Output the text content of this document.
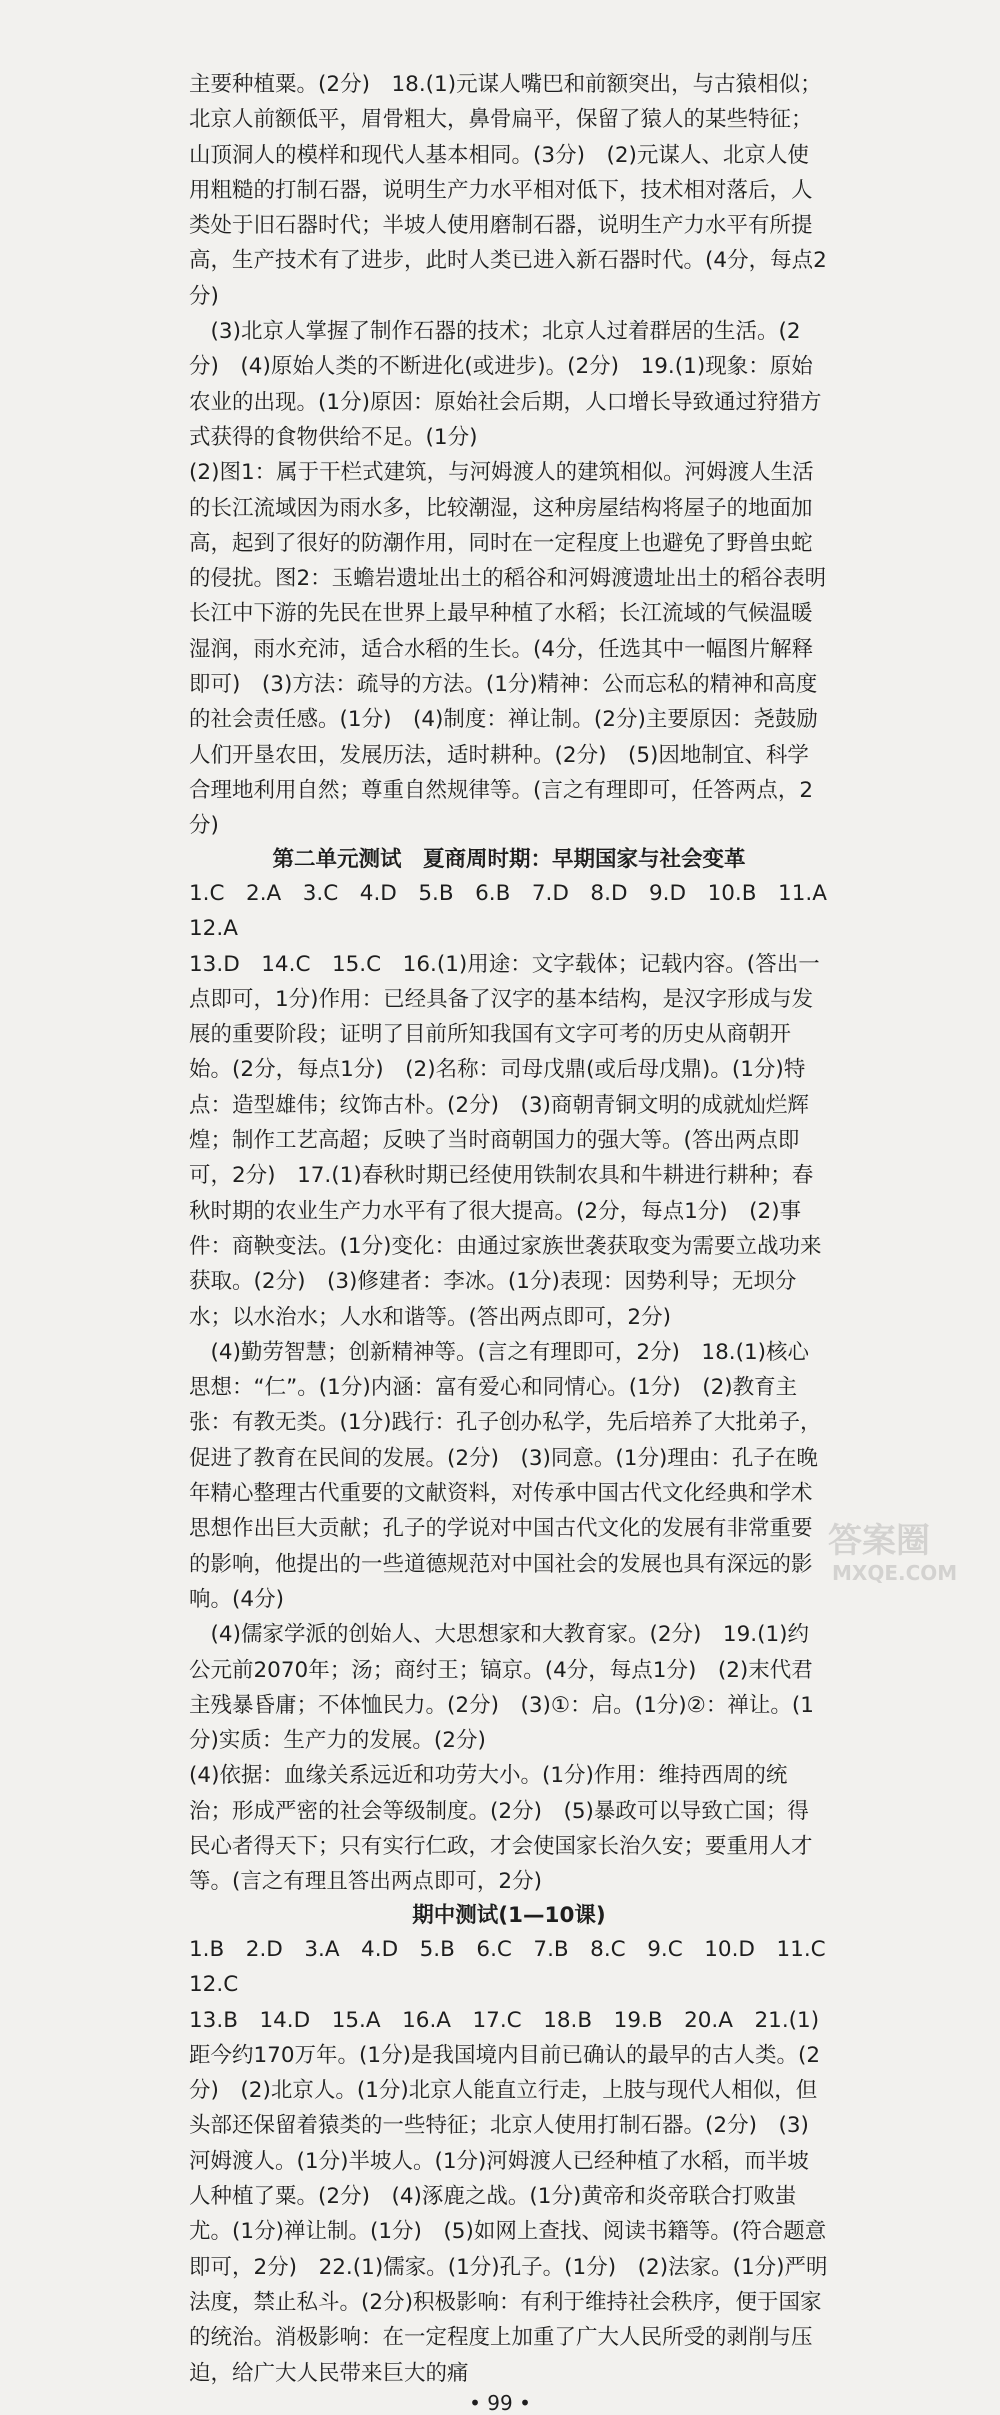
主要种植粟。(2分)　18.(1)元谋人嘴巴和前额突出，与古猿相似；北京人前额低平，眉骨粗大，鼻骨扁平，保留了猿人的某些特征；山顶洞人的模样和现代人基本相同。(3分)　(2)元谋人、北京人使用粗糙的打制石器，说明生产力水平相对低下，技术相对落后，人类处于旧石器时代；半坡人使用磨制石器，说明生产力水平有所提高，生产技术有了进步，此时人类已进入新石器时代。(4分，每点2分)
　(3)北京人掌握了制作石器的技术；北京人过着群居的生活。(2分)　(4)原始人类的不断进化(或进步)。(2分)　19.(1)现象：原始农业的出现。(1分)原因：原始社会后期，人口增长导致通过狩猎方式获得的食物供给不足。(1分)
(2)图1：属于干栏式建筑，与河姆渡人的建筑相似。河姆渡人生活的长江流域因为雨水多，比较潮湿，这种房屋结构将屋子的地面加高，起到了很好的防潮作用，同时在一定程度上也避免了野兽虫蛇的侵扰。图2：玉蟾岩遗址出土的稻谷和河姆渡遗址出土的稻谷表明长江中下游的先民在世界上最早种植了水稻；长江流域的气候温暖湿润，雨水充沛，适合水稻的生长。(4分，任选其中一幅图片解释即可)　(3)方法：疏导的方法。(1分)精神：公而忘私的精神和高度的社会责任感。(1分)　(4)制度：禅让制。(2分)主要原因：尧鼓励人们开垦农田，发展历法，适时耕种。(2分)　(5)因地制宜、科学合理地利用自然；尊重自然规律等。(言之有理即可，任答两点，2分)

第二单元测试　夏商周时期：早期国家与社会变革

1.C　2.A　3.C　4.D　5.B　6.B　7.D　8.D　9.D　10.B　11.A　12.A
13.D　14.C　15.C　16.(1)用途：文字载体；记载内容。(答出一点即可，1分)作用：已经具备了汉字的基本结构，是汉字形成与发展的重要阶段；证明了目前所知我国有文字可考的历史从商朝开始。(2分，每点1分)　(2)名称：司母戊鼎(或后母戊鼎)。(1分)特点：造型雄伟；纹饰古朴。(2分)　(3)商朝青铜文明的成就灿烂辉煌；制作工艺高超；反映了当时商朝国力的强大等。(答出两点即可，2分)　17.(1)春秋时期已经使用铁制农具和牛耕进行耕种；春秋时期的农业生产力水平有了很大提高。(2分，每点1分)　(2)事件：商鞅变法。(1分)变化：由通过家族世袭获取变为需要立战功来获取。(2分)　(3)修建者：李冰。(1分)表现：因势利导；无坝分水；以水治水；人水和谐等。(答出两点即可，2分)
　(4)勤劳智慧；创新精神等。(言之有理即可，2分)　18.(1)核心思想：“仁”。(1分)内涵：富有爱心和同情心。(1分)　(2)教育主张：有教无类。(1分)践行：孔子创办私学，先后培养了大批弟子，促进了教育在民间的发展。(2分)　(3)同意。(1分)理由：孔子在晚年精心整理古代重要的文献资料，对传承中国古代文化经典和学术思想作出巨大贡献；孔子的学说对中国古代文化的发展有非常重要的影响，他提出的一些道德规范对中国社会的发展也具有深远的影响。(4分)
　(4)儒家学派的创始人、大思想家和大教育家。(2分)　19.(1)约公元前2070年；汤；商纣王；镐京。(4分，每点1分)　(2)末代君主残暴昏庸；不体恤民力。(2分)　(3)①：启。(1分)②：禅让。(1分)实质：生产力的发展。(2分)
(4)依据：血缘关系远近和功劳大小。(1分)作用：维持西周的统治；形成严密的社会等级制度。(2分)　(5)暴政可以导致亡国；得民心者得天下；只有实行仁政，才会使国家长治久安；要重用人才等。(言之有理且答出两点即可，2分)

期中测试(1—10课)

1.B　2.D　3.A　4.D　5.B　6.C　7.B　8.C　9.C　10.D　11.C　12.C
13.B　14.D　15.A　16.A　17.C　18.B　19.B　20.A　21.(1)距今约170万年。(1分)是我国境内目前已确认的最早的古人类。(2分)　(2)北京人。(1分)北京人能直立行走，上肢与现代人相似，但头部还保留着猿类的一些特征；北京人使用打制石器。(2分)　(3)河姆渡人。(1分)半坡人。(1分)河姆渡人已经种植了水稻，而半坡人种植了粟。(2分)　(4)涿鹿之战。(1分)黄帝和炎帝联合打败蚩尤。(1分)禅让制。(1分)　(5)如网上查找、阅读书籍等。(符合题意即可，2分)　22.(1)儒家。(1分)孔子。(1分)　(2)法家。(1分)严明法度，禁止私斗。(2分)积极影响：有利于维持社会秩序，便于国家的统治。消极影响：在一定程度上加重了广大人民所受的剥削与压迫，给广大人民带来巨大的痛

• 99 •
答案圈
MXQE.COM
